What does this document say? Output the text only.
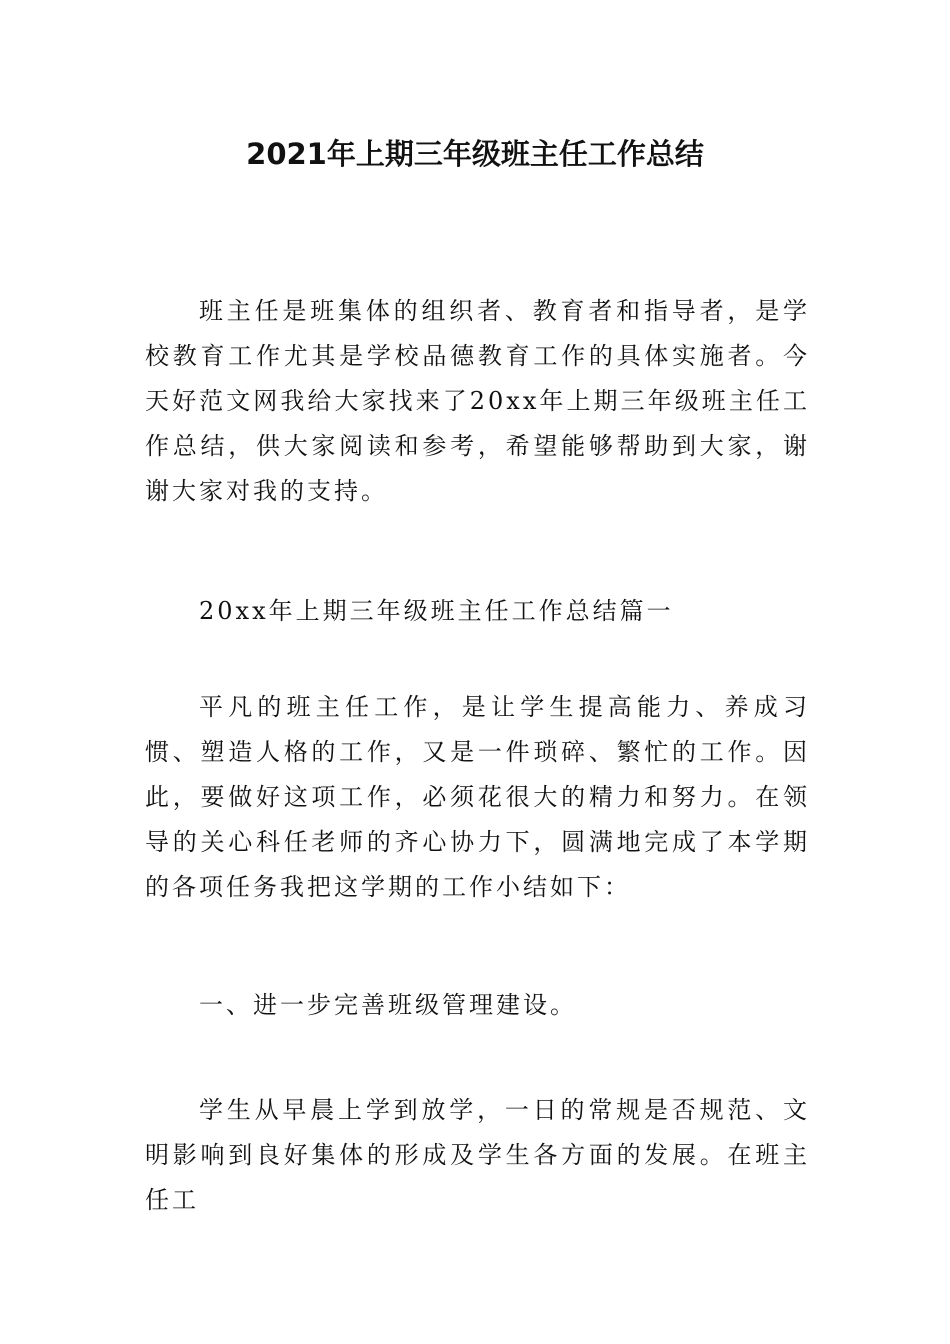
2021年上期三年级班主任工作总结

班主任是班集体的组织者、教育者和指导者，是学校教育工作尤其是学校品德教育工作的具体实施者。今天好范文网我给大家找来了20xx年上期三年级班主任工作总结，供大家阅读和参考，希望能够帮助到大家，谢谢大家对我的支持。

20xx年上期三年级班主任工作总结篇一

平凡的班主任工作，是让学生提高能力、养成习惯、塑造人格的工作，又是一件琐碎、繁忙的工作。因此，要做好这项工作，必须花很大的精力和努力。在领导的关心科任老师的齐心协力下，圆满地完成了本学期的各项任务我把这学期的工作小结如下：

一、进一步完善班级管理建设。

学生从早晨上学到放学，一日的常规是否规范、文明影响到良好集体的形成及学生各方面的发展。在班主任工
